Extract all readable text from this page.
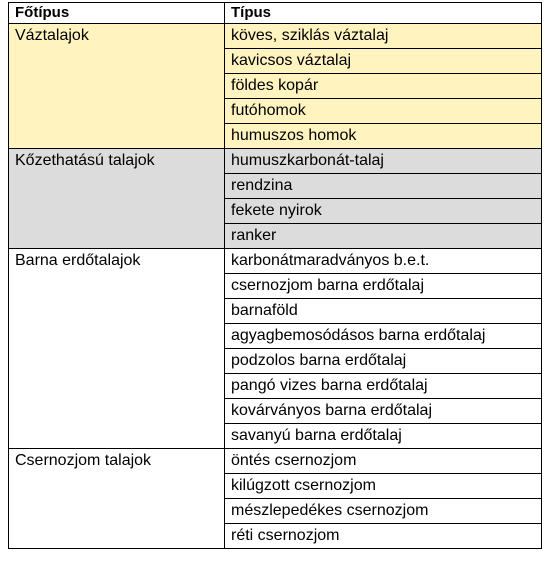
Főtípus	Típus
Váztalajok	köves, sziklás váztalaj
	kavicsos váztalaj
	földes kopár
	futóhomok
	humuszos homok
Kőzethatású talajok	humuszkarbonát-talaj
	rendzina
	fekete nyirok
	ranker
Barna erdőtalajok	karbonátmaradványos b.e.t.
	csernozjom barna erdőtalaj
	barnaföld
	agyagbemosódásos barna erdőtalaj
	podzolos barna erdőtalaj
	pangó vizes barna erdőtalaj
	kovárványos barna erdőtalaj
	savanyú barna erdőtalaj
Csernozjom talajok	öntés csernozjom
	kilúgzott csernozjom
	mészlepedékes csernozjom
	réti csernozjom
